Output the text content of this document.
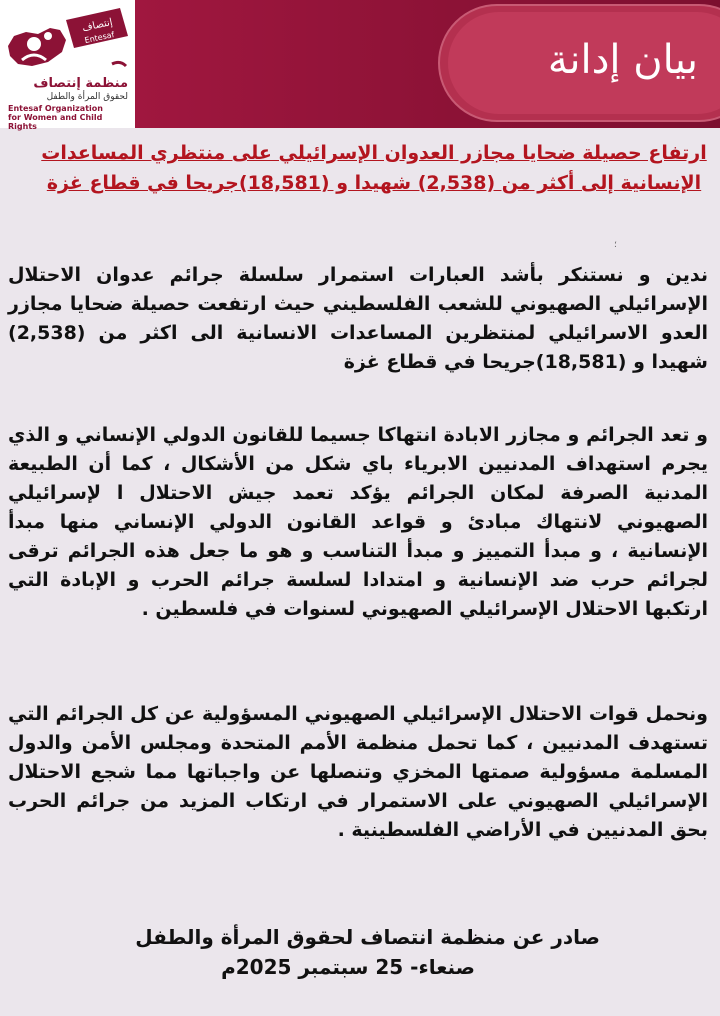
إنتصاف
Entesaf
منظمة إنتصاف
لحقوق المرأة والطفل
Entesaf Organization
for Women and Child Rights
بيان إدانة
ارتفاع حصيلة ضحايا مجازر العدوان الإسرائيلي على منتظري المساعدات الإنسانية إلى أكثر من (2,538) شهيدا و (18,581)جريحا في قطاع غزة
؛
ندين و نستنكر بأشد العبارات استمرار سلسلة جرائم عدوان الاحتلال الإسرائيلي الصهيوني للشعب الفلسطيني حيث ارتفعت حصيلة ضحايا مجازر العدو الاسرائيلي لمنتظرين المساعدات الانسانية الى اكثر من (2,538) شهيدا و (18,581)جريحا في قطاع غزة
و تعد الجرائم و مجازر الابادة انتهاكا جسيما للقانون الدولي الإنساني و الذي يجرم استهداف المدنيين الابرياء باي شكل من الأشكال ، كما أن الطبيعة المدنية الصرفة لمكان الجرائم يؤكد تعمد جيش الاحتلال ا لإسرائيلي الصهيوني لانتهاك مبادئ و قواعد القانون الدولي الإنساني منها مبدأ الإنسانية ، و مبدأ التمييز و مبدأ التناسب و هو ما جعل هذه الجرائم ترقى لجرائم حرب ضد الإنسانية و امتدادا لسلسة جرائم الحرب و الإبادة التي ارتكبها الاحتلال الإسرائيلي الصهيوني لسنوات في فلسطين .
ونحمل قوات الاحتلال الإسرائيلي الصهيوني المسؤولية عن كل الجرائم التي تستهدف المدنيين ، كما تحمل منظمة الأمم المتحدة ومجلس الأمن والدول المسلمة مسؤولية صمتها المخزي وتنصلها عن واجباتها مما شجع الاحتلال الإسرائيلي الصهيوني على الاستمرار في ارتكاب المزيد من جرائم الحرب بحق المدنيين في الأراضي الفلسطينية .
صادر عن منظمة انتصاف لحقوق المرأة والطفل
صنعاء- 25 سبتمبر 2025م
